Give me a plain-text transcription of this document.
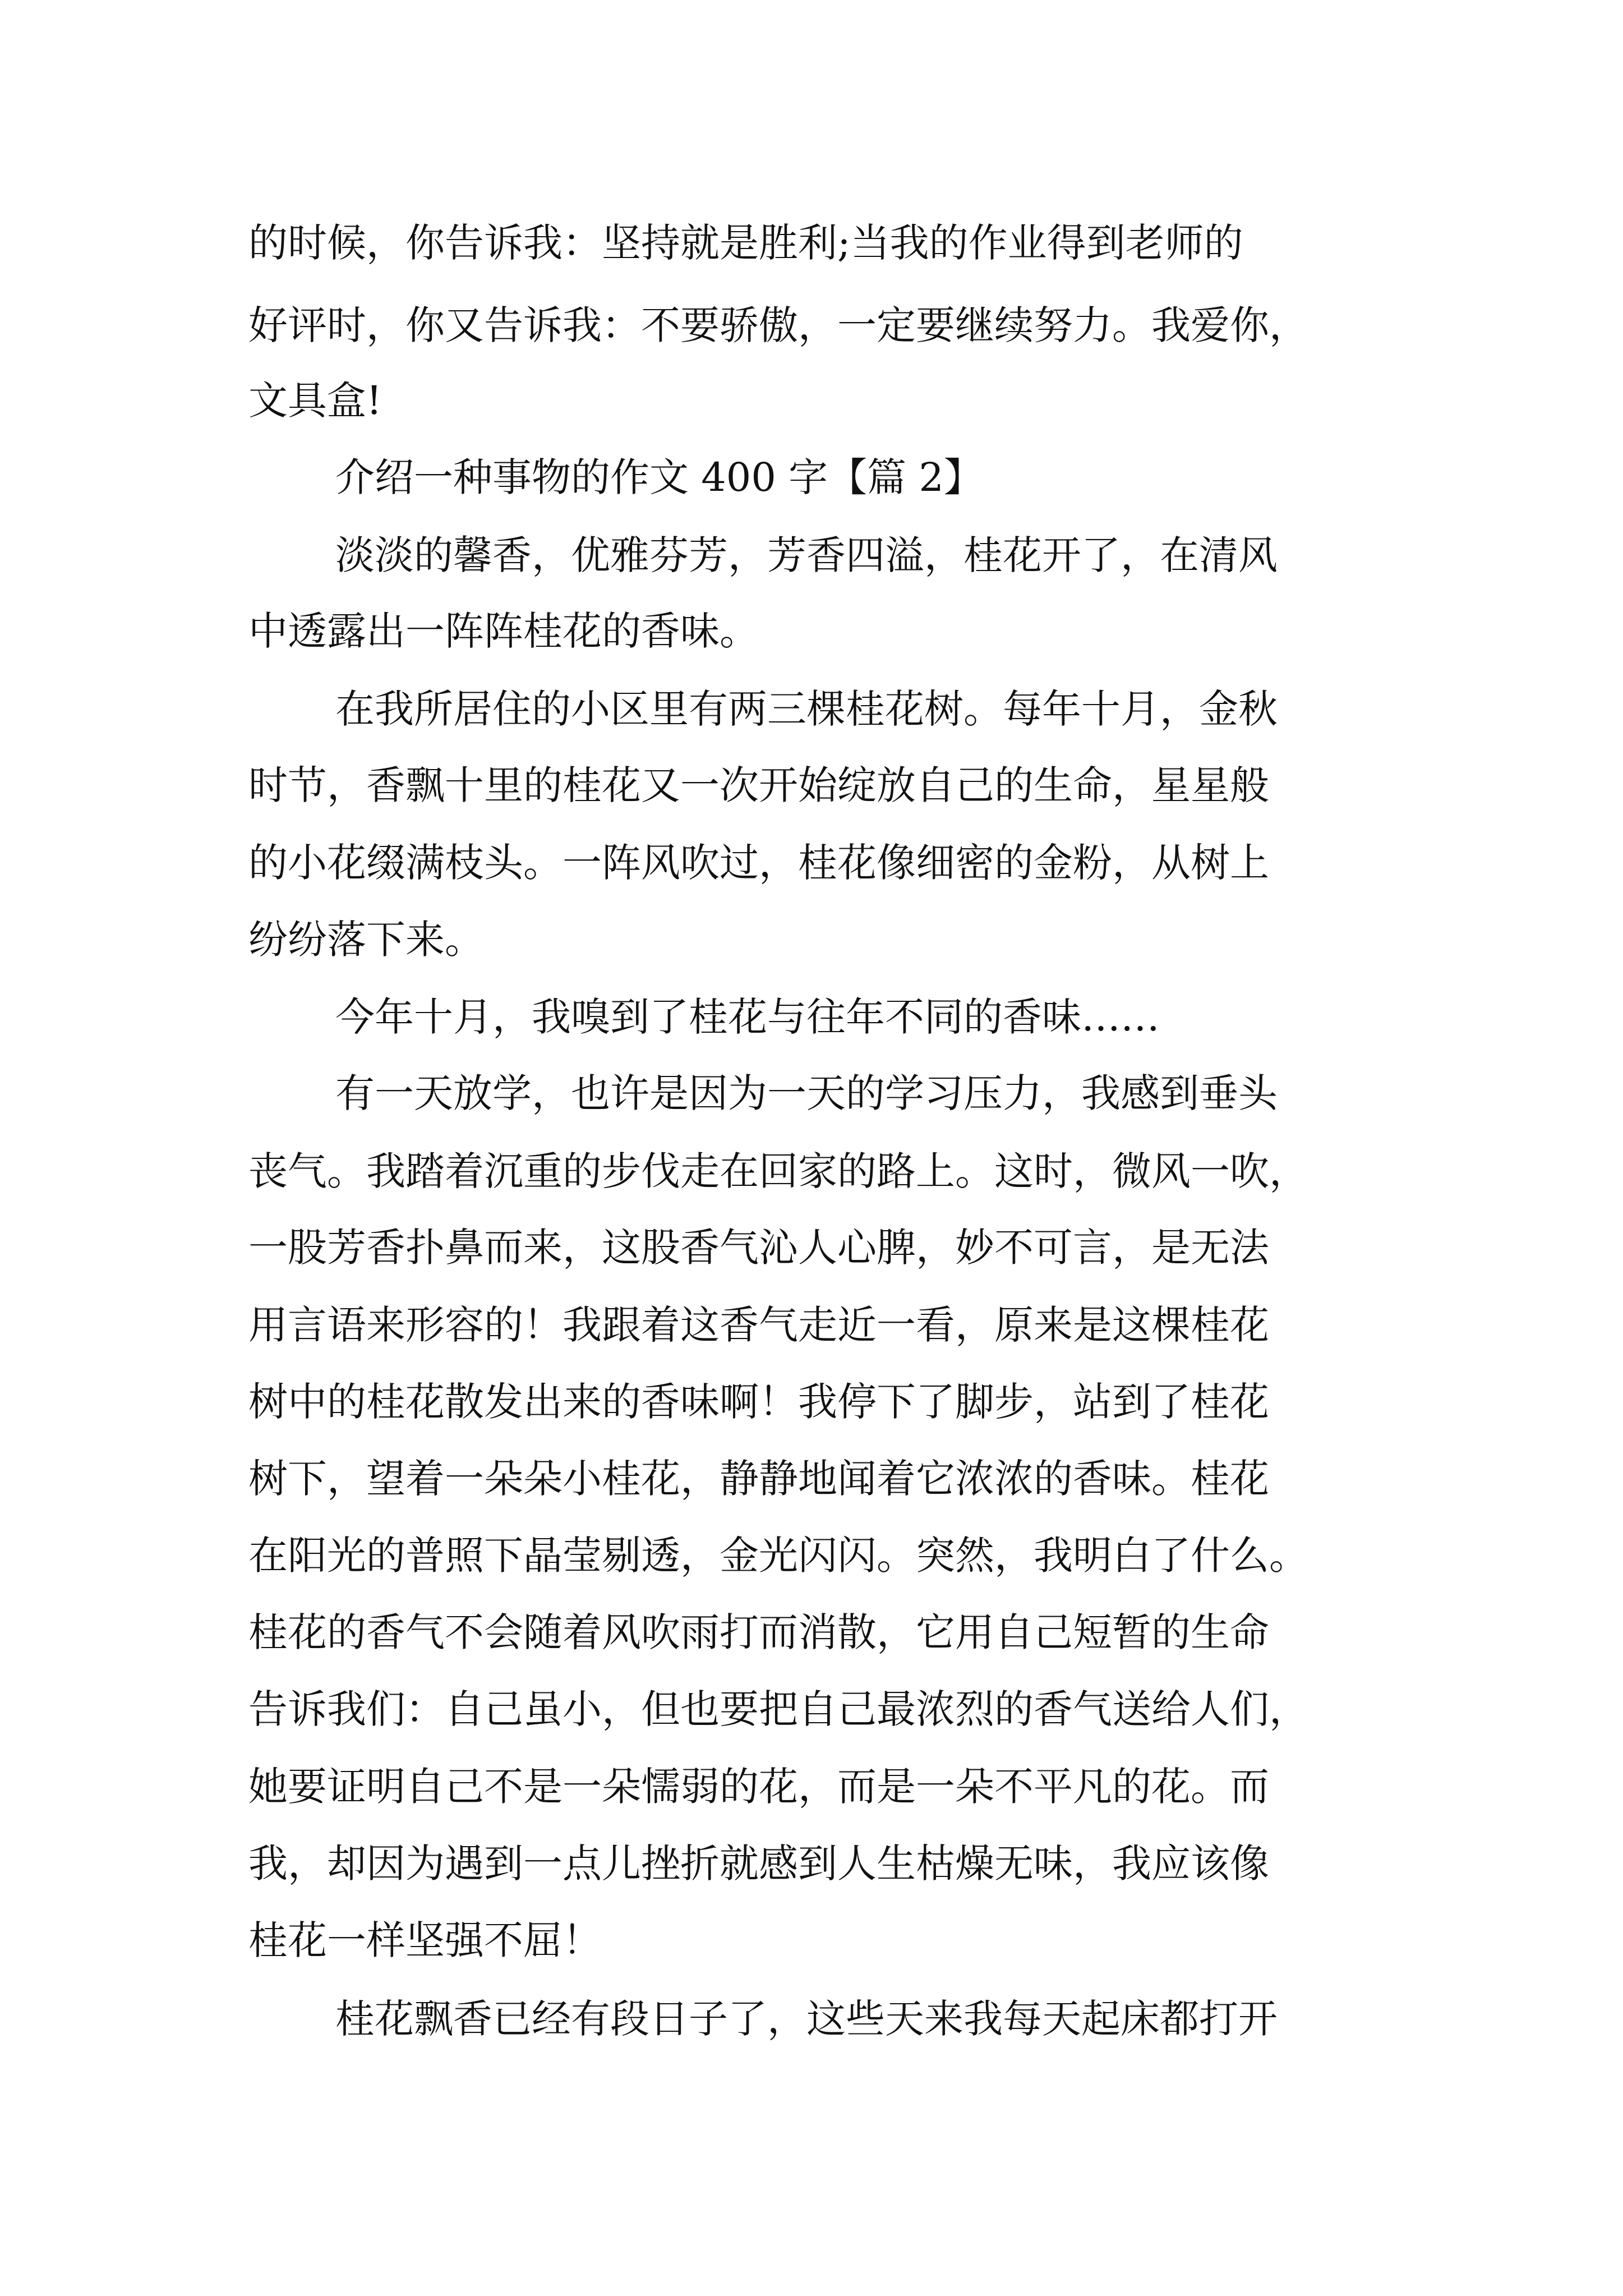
的时候，你告诉我：坚持就是胜利;当我的作业得到老师的

好评时，你又告诉我：不要骄傲，一定要继续努力。我爱你，

文具盒!

介绍一种事物的作文 400 字【篇 2】

淡淡的馨香，优雅芬芳，芳香四溢，桂花开了，在清风

中透露出一阵阵桂花的香味。

在我所居住的小区里有两三棵桂花树。每年十月，金秋

时节，香飘十里的桂花又一次开始绽放自己的生命，星星般

的小花缀满枝头。一阵风吹过，桂花像细密的金粉，从树上

纷纷落下来。

今年十月，我嗅到了桂花与往年不同的香味……

有一天放学，也许是因为一天的学习压力，我感到垂头

丧气。我踏着沉重的步伐走在回家的路上。这时，微风一吹，

一股芳香扑鼻而来，这股香气沁人心脾，妙不可言，是无法

用言语来形容的！我跟着这香气走近一看，原来是这棵桂花

树中的桂花散发出来的香味啊！我停下了脚步，站到了桂花

树下，望着一朵朵小桂花，静静地闻着它浓浓的香味。桂花

在阳光的普照下晶莹剔透，金光闪闪。突然，我明白了什么。

桂花的香气不会随着风吹雨打而消散，它用自己短暂的生命

告诉我们：自己虽小，但也要把自己最浓烈的香气送给人们，

她要证明自己不是一朵懦弱的花，而是一朵不平凡的花。而

我，却因为遇到一点儿挫折就感到人生枯燥无味，我应该像

桂花一样坚强不屈！

桂花飘香已经有段日子了，这些天来我每天起床都打开
